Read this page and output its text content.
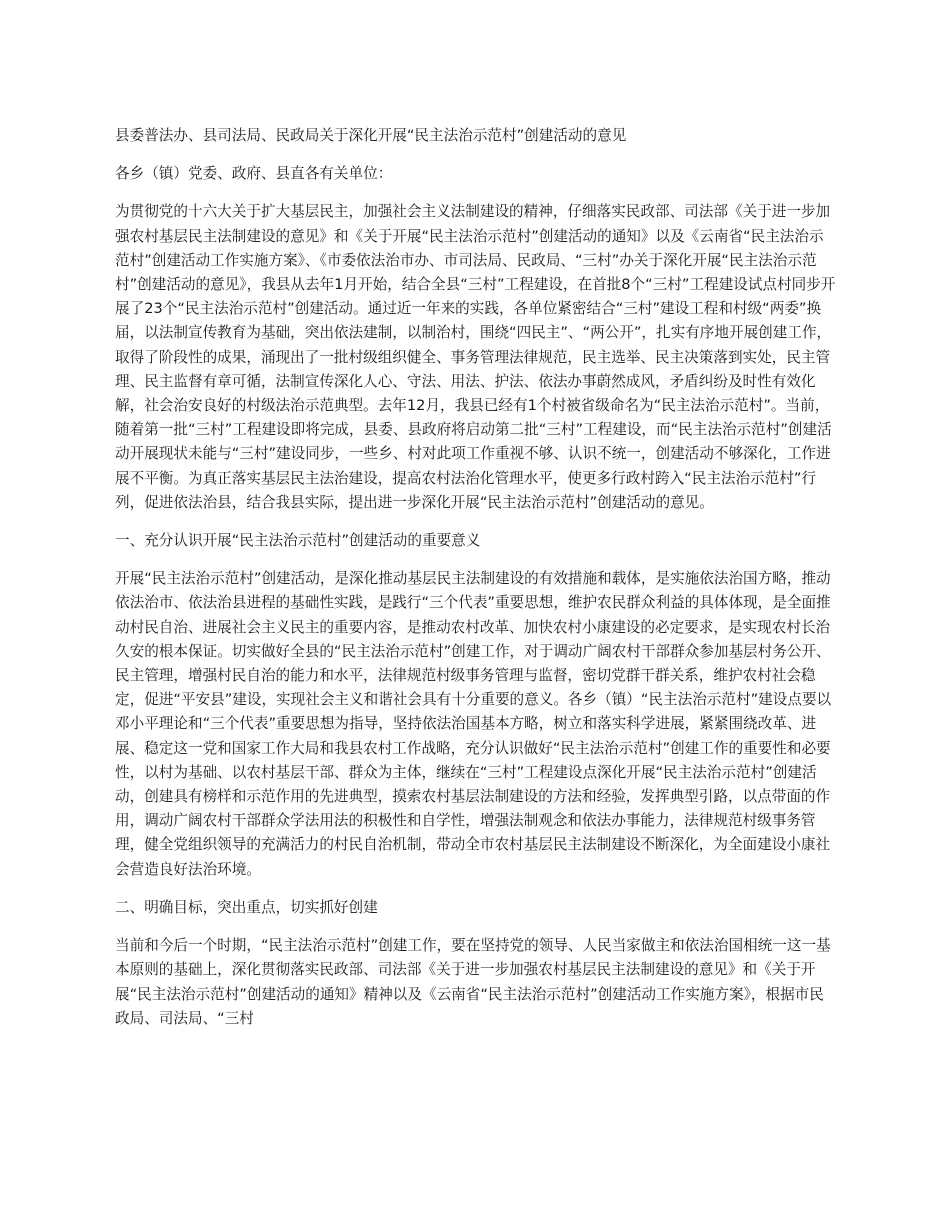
县委普法办、县司法局、民政局关于深化开展“民主法治示范村”创建活动的意见

各乡（镇）党委、政府、县直各有关单位：

为贯彻党的十六大关于扩大基层民主，加强社会主义法制建设的精神，仔细落实民政部、司法部《关于进一步加强农村基层民主法制建设的意见》和《关于开展“民主法治示范村”创建活动的通知》以及《云南省“民主法治示范村”创建活动工作实施方案》、《市委依法治市办、市司法局、民政局、“三村”办关于深化开展“民主法治示范村”创建活动的意见》，我县从去年1月开始，结合全县“三村”工程建设，在首批8个“三村”工程建设试点村同步开展了23个“民主法治示范村”创建活动。通过近一年来的实践，各单位紧密结合“三村”建设工程和村级“两委”换届，以法制宣传教育为基础，突出依法建制，以制治村，围绕“四民主”、“两公开”，扎实有序地开展创建工作，取得了阶段性的成果，涌现出了一批村级组织健全、事务管理法律规范，民主选举、民主决策落到实处，民主管理、民主监督有章可循，法制宣传深化人心、守法、用法、护法、依法办事蔚然成风，矛盾纠纷及时性有效化解，社会治安良好的村级法治示范典型。去年12月，我县已经有1个村被省级命名为“民主法治示范村”。当前，随着第一批“三村”工程建设即将完成，县委、县政府将启动第二批“三村”工程建设，而“民主法治示范村”创建活动开展现状未能与“三村”建设同步，一些乡、村对此项工作重视不够、认识不统一，创建活动不够深化，工作进展不平衡。为真正落实基层民主法治建设，提高农村法治化管理水平，使更多行政村跨入“民主法治示范村”行列，促进依法治县，结合我县实际，提出进一步深化开展“民主法治示范村”创建活动的意见。

一、充分认识开展“民主法治示范村”创建活动的重要意义

开展“民主法治示范村”创建活动，是深化推动基层民主法制建设的有效措施和载体，是实施依法治国方略，推动依法治市、依法治县进程的基础性实践，是践行“三个代表”重要思想，维护农民群众利益的具体体现，是全面推动村民自治、进展社会主义民主的重要内容，是推动农村改革、加快农村小康建设的必定要求，是实现农村长治久安的根本保证。切实做好全县的“民主法治示范村”创建工作，对于调动广阔农村干部群众参加基层村务公开、民主管理，增强村民自治的能力和水平，法律规范村级事务管理与监督，密切党群干群关系，维护农村社会稳定，促进“平安县”建设，实现社会主义和谐社会具有十分重要的意义。各乡（镇）“民主法治示范村”建设点要以邓小平理论和“三个代表”重要思想为指导，坚持依法治国基本方略，树立和落实科学进展，紧紧围绕改革、进展、稳定这一党和国家工作大局和我县农村工作战略，充分认识做好“民主法治示范村”创建工作的重要性和必要性，以村为基础、以农村基层干部、群众为主体，继续在“三村”工程建设点深化开展“民主法治示范村”创建活动，创建具有榜样和示范作用的先进典型，摸索农村基层法制建设的方法和经验，发挥典型引路，以点带面的作用，调动广阔农村干部群众学法用法的积极性和自学性，增强法制观念和依法办事能力，法律规范村级事务管理，健全党组织领导的充满活力的村民自治机制，带动全市农村基层民主法制建设不断深化，为全面建设小康社会营造良好法治环境。

二、明确目标，突出重点，切实抓好创建

当前和今后一个时期，“民主法治示范村”创建工作，要在坚持党的领导、人民当家做主和依法治国相统一这一基本原则的基础上，深化贯彻落实民政部、司法部《关于进一步加强农村基层民主法制建设的意见》和《关于开展“民主法治示范村”创建活动的通知》精神以及《云南省“民主法治示范村”创建活动工作实施方案》，根据市民政局、司法局、“三村
